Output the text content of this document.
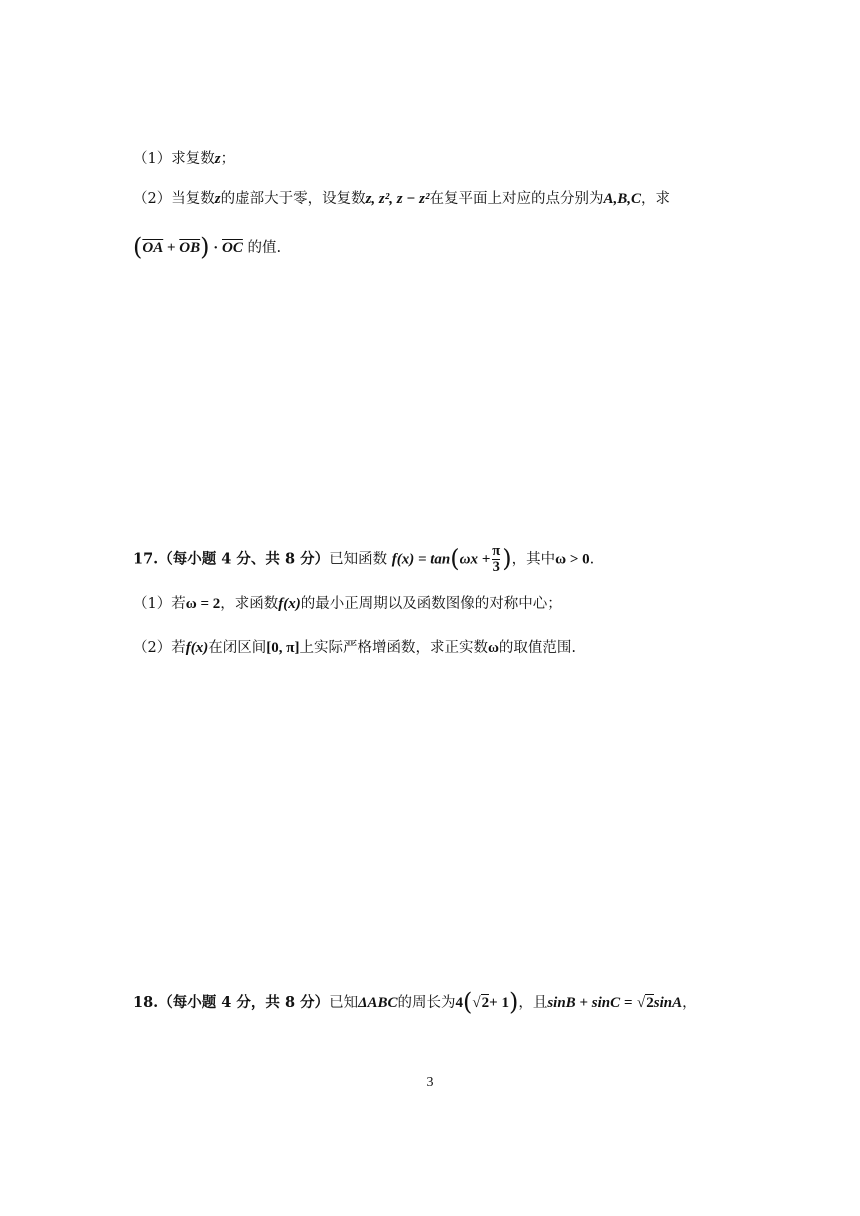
（1）求复数z；
（2）当复数z的虚部大于零，设复数z, z², z − z²在复平面上对应的点分别为A,B,C，求
$(\overline{OA} + \overline{OB}) \cdot \overline{OC}$ 的值.
17.（每小题 4 分、共 8 分）已知函数 $f(x) = \tan(\omega x + \frac{\pi}{3}$ )，其中ω > 0.
（1）若ω = 2，求函数f(x)的最小正周期以及函数图像的对称中心；
（2）若f(x)在闭区间[0, π]上实际严格增函数，求正实数ω的取值范围.
18.（每小题 4 分，共 8 分）已知ΔABC的周长为4(√2+ 1)，且sinB + sinC = √2sinA，
3
